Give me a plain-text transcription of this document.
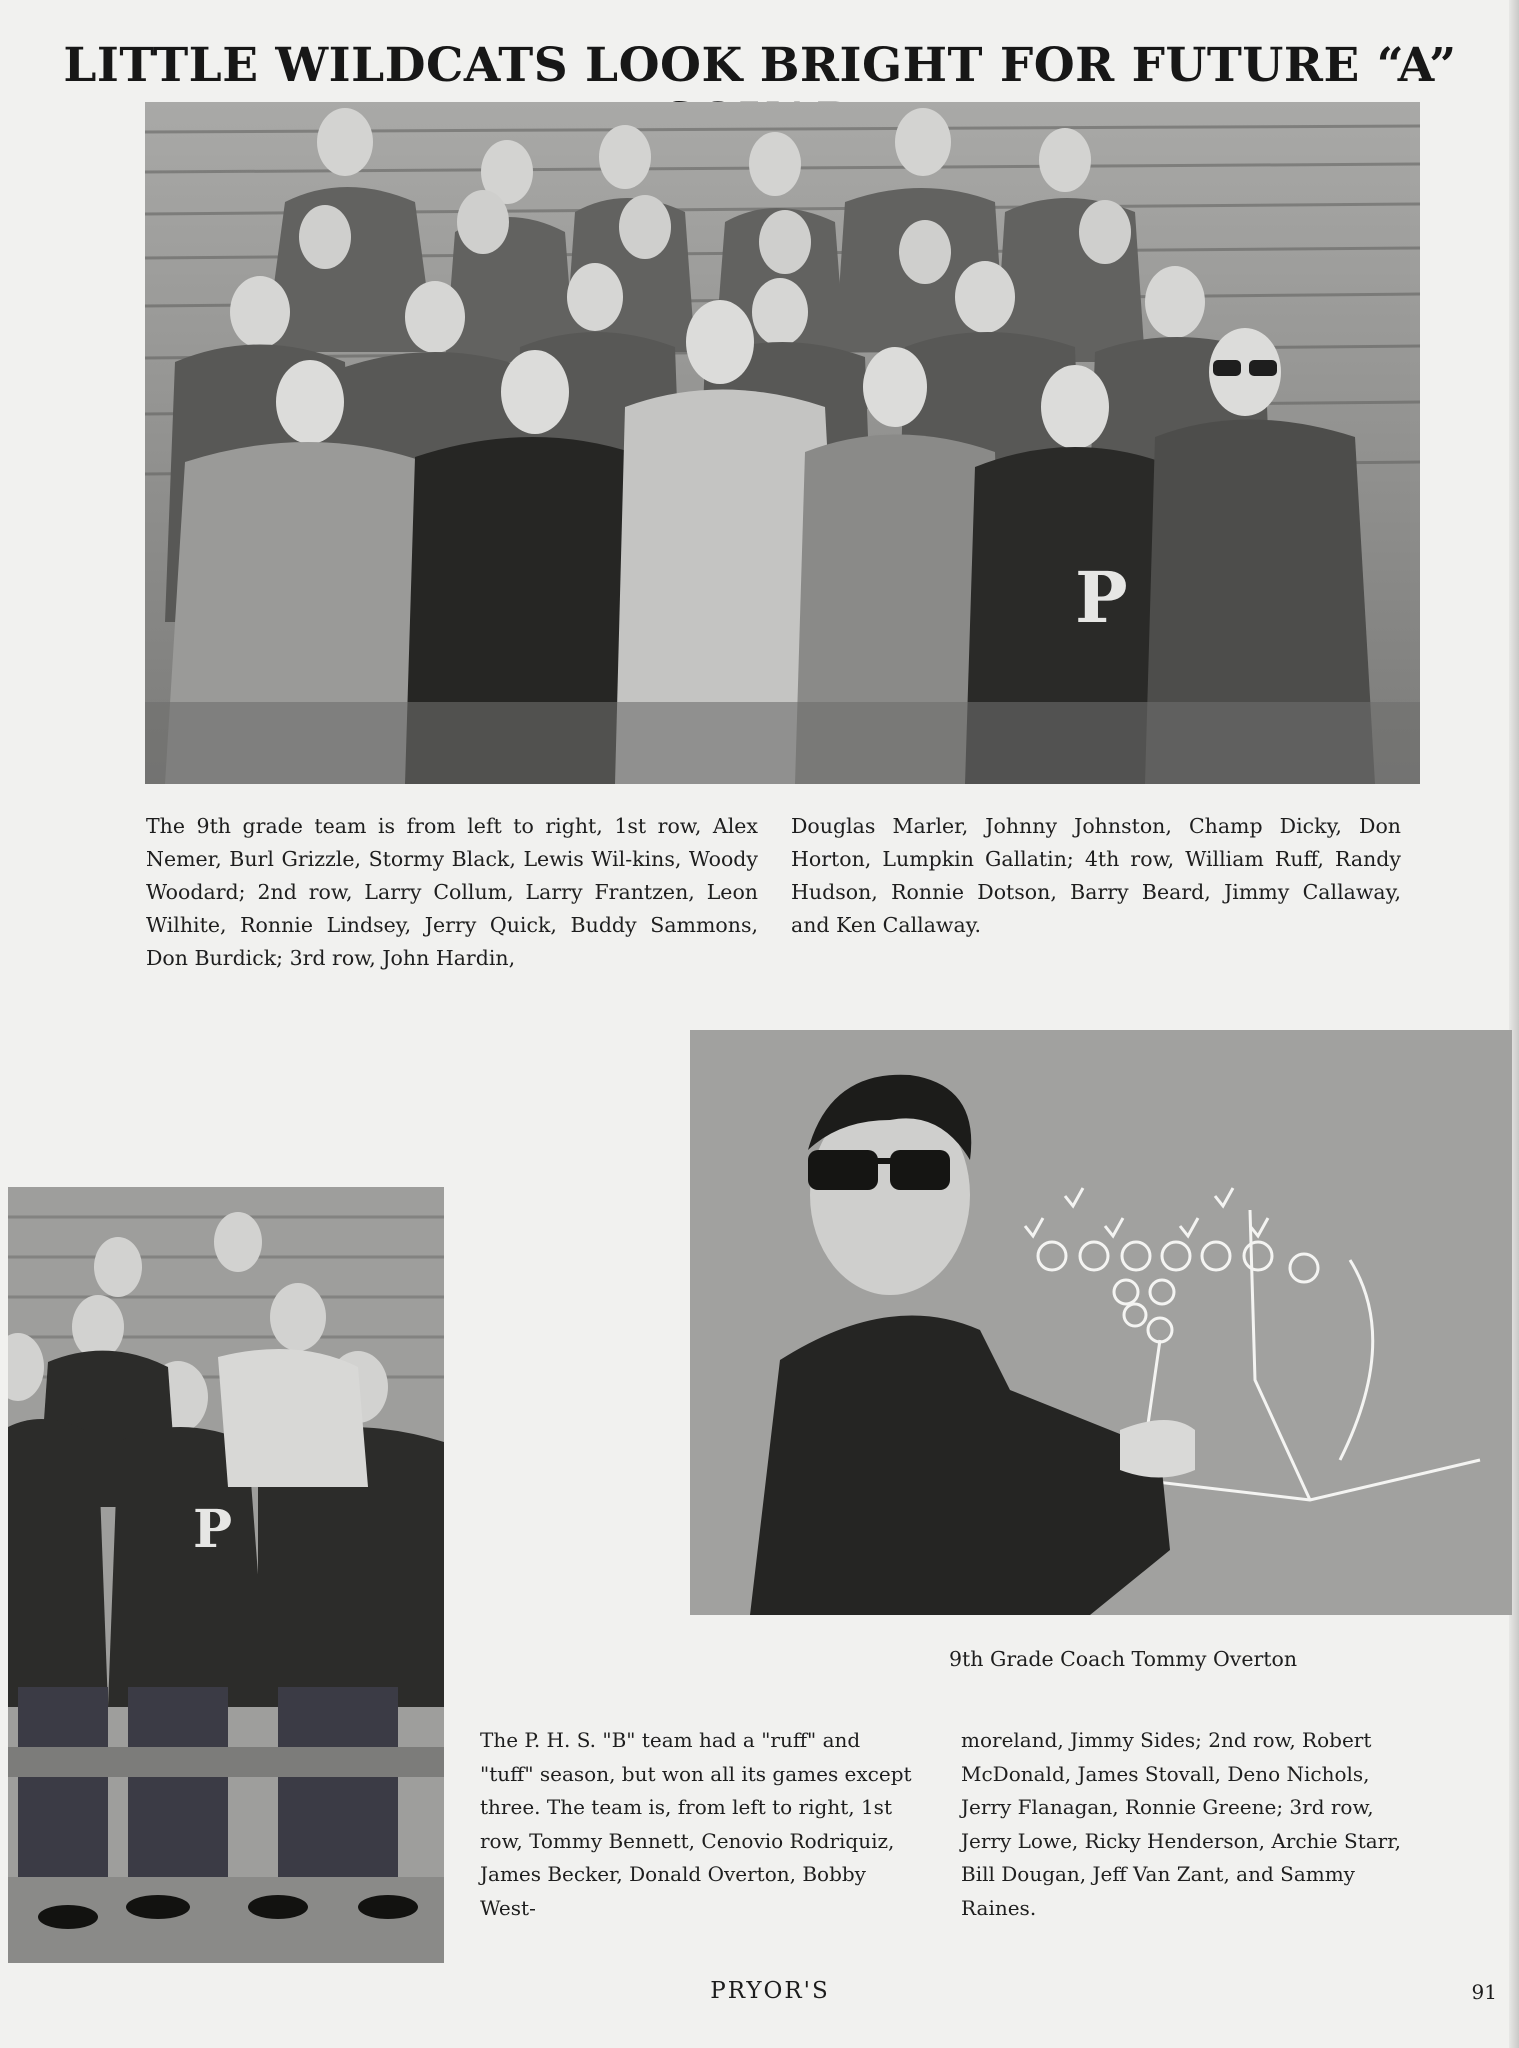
LITTLE WILDCATS LOOK BRIGHT FOR FUTURE “A”
P

The 9th grade team is from left to right, 1st row, Alex Nemer, Burl Grizzle, Stormy Black, Lewis Wil-kins, Woody Woodard; 2nd row, Larry Collum, Larry Frantzen, Leon Wilhite, Ronnie Lindsey, Jerry Quick, Buddy Sammons, Don Burdick; 3rd row, John Hardin,

Douglas Marler, Johnny Johnston, Champ Dicky, Don Horton, Lumpkin Gallatin; 4th row, William Ruff, Randy Hudson, Ronnie Dotson, Barry Beard, Jimmy Callaway, and Ken Callaway.

9th Grade Coach Tommy Overton

P

The P. H. S. "B" team had a "ruff" and "tuff" season, but won all its games except three. The team is, from left to right, 1st row, Tommy Bennett, Cenovio Rodriquiz, James Becker, Donald Overton, Bobby West-

moreland, Jimmy Sides; 2nd row, Robert McDonald, James Stovall, Deno Nichols, Jerry Flanagan, Ronnie Greene; 3rd row, Jerry Lowe, Ricky Henderson, Archie Starr, Bill Dougan, Jeff Van Zant, and Sammy Raines.

PRYOR'S	91
